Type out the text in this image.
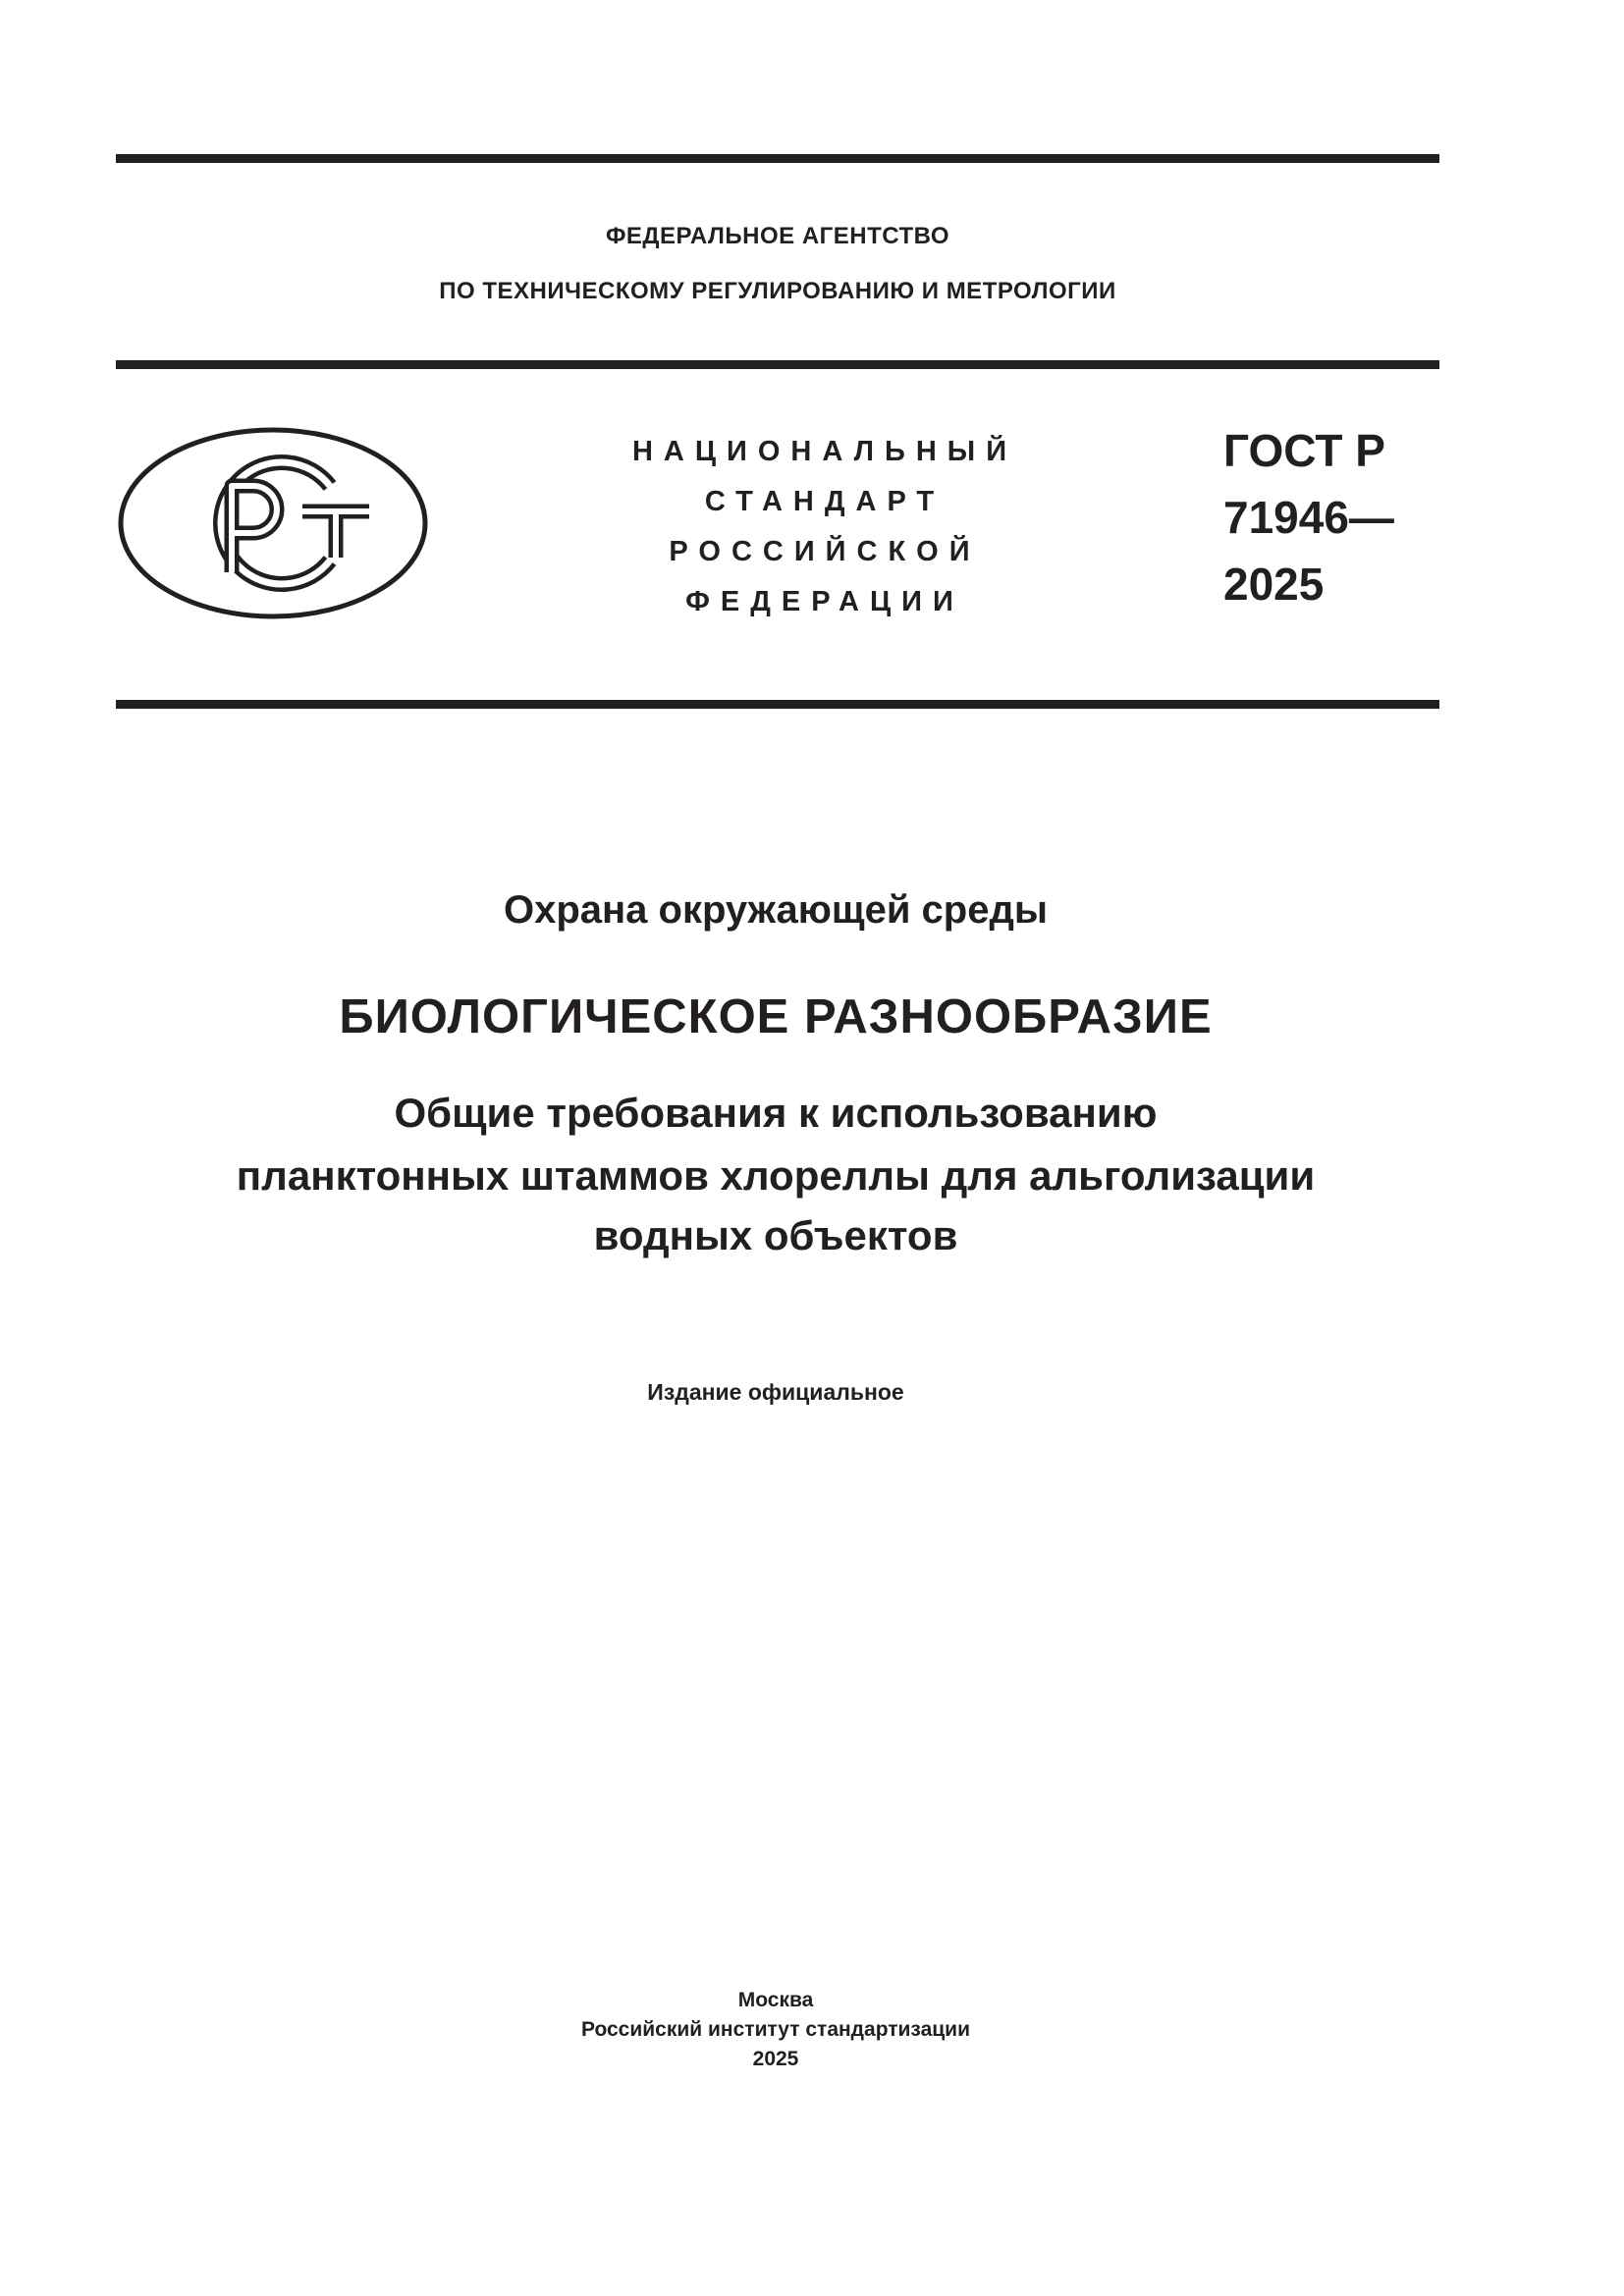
ФЕДЕРАЛЬНОЕ АГЕНТСТВО
ПО ТЕХНИЧЕСКОМУ РЕГУЛИРОВАНИЮ И МЕТРОЛОГИИ
НАЦИОНАЛЬНЫЙ
СТАНДАРТ
РОССИЙСКОЙ
ФЕДЕРАЦИИ
ГОСТ Р
71946—
2025
Охрана окружающей среды
БИОЛОГИЧЕСКОЕ РАЗНООБРАЗИЕ
Общие требования к использованию
планктонных штаммов хлореллы для альголизации
водных объектов
Издание официальное
Москва
Российский институт стандартизации
2025
